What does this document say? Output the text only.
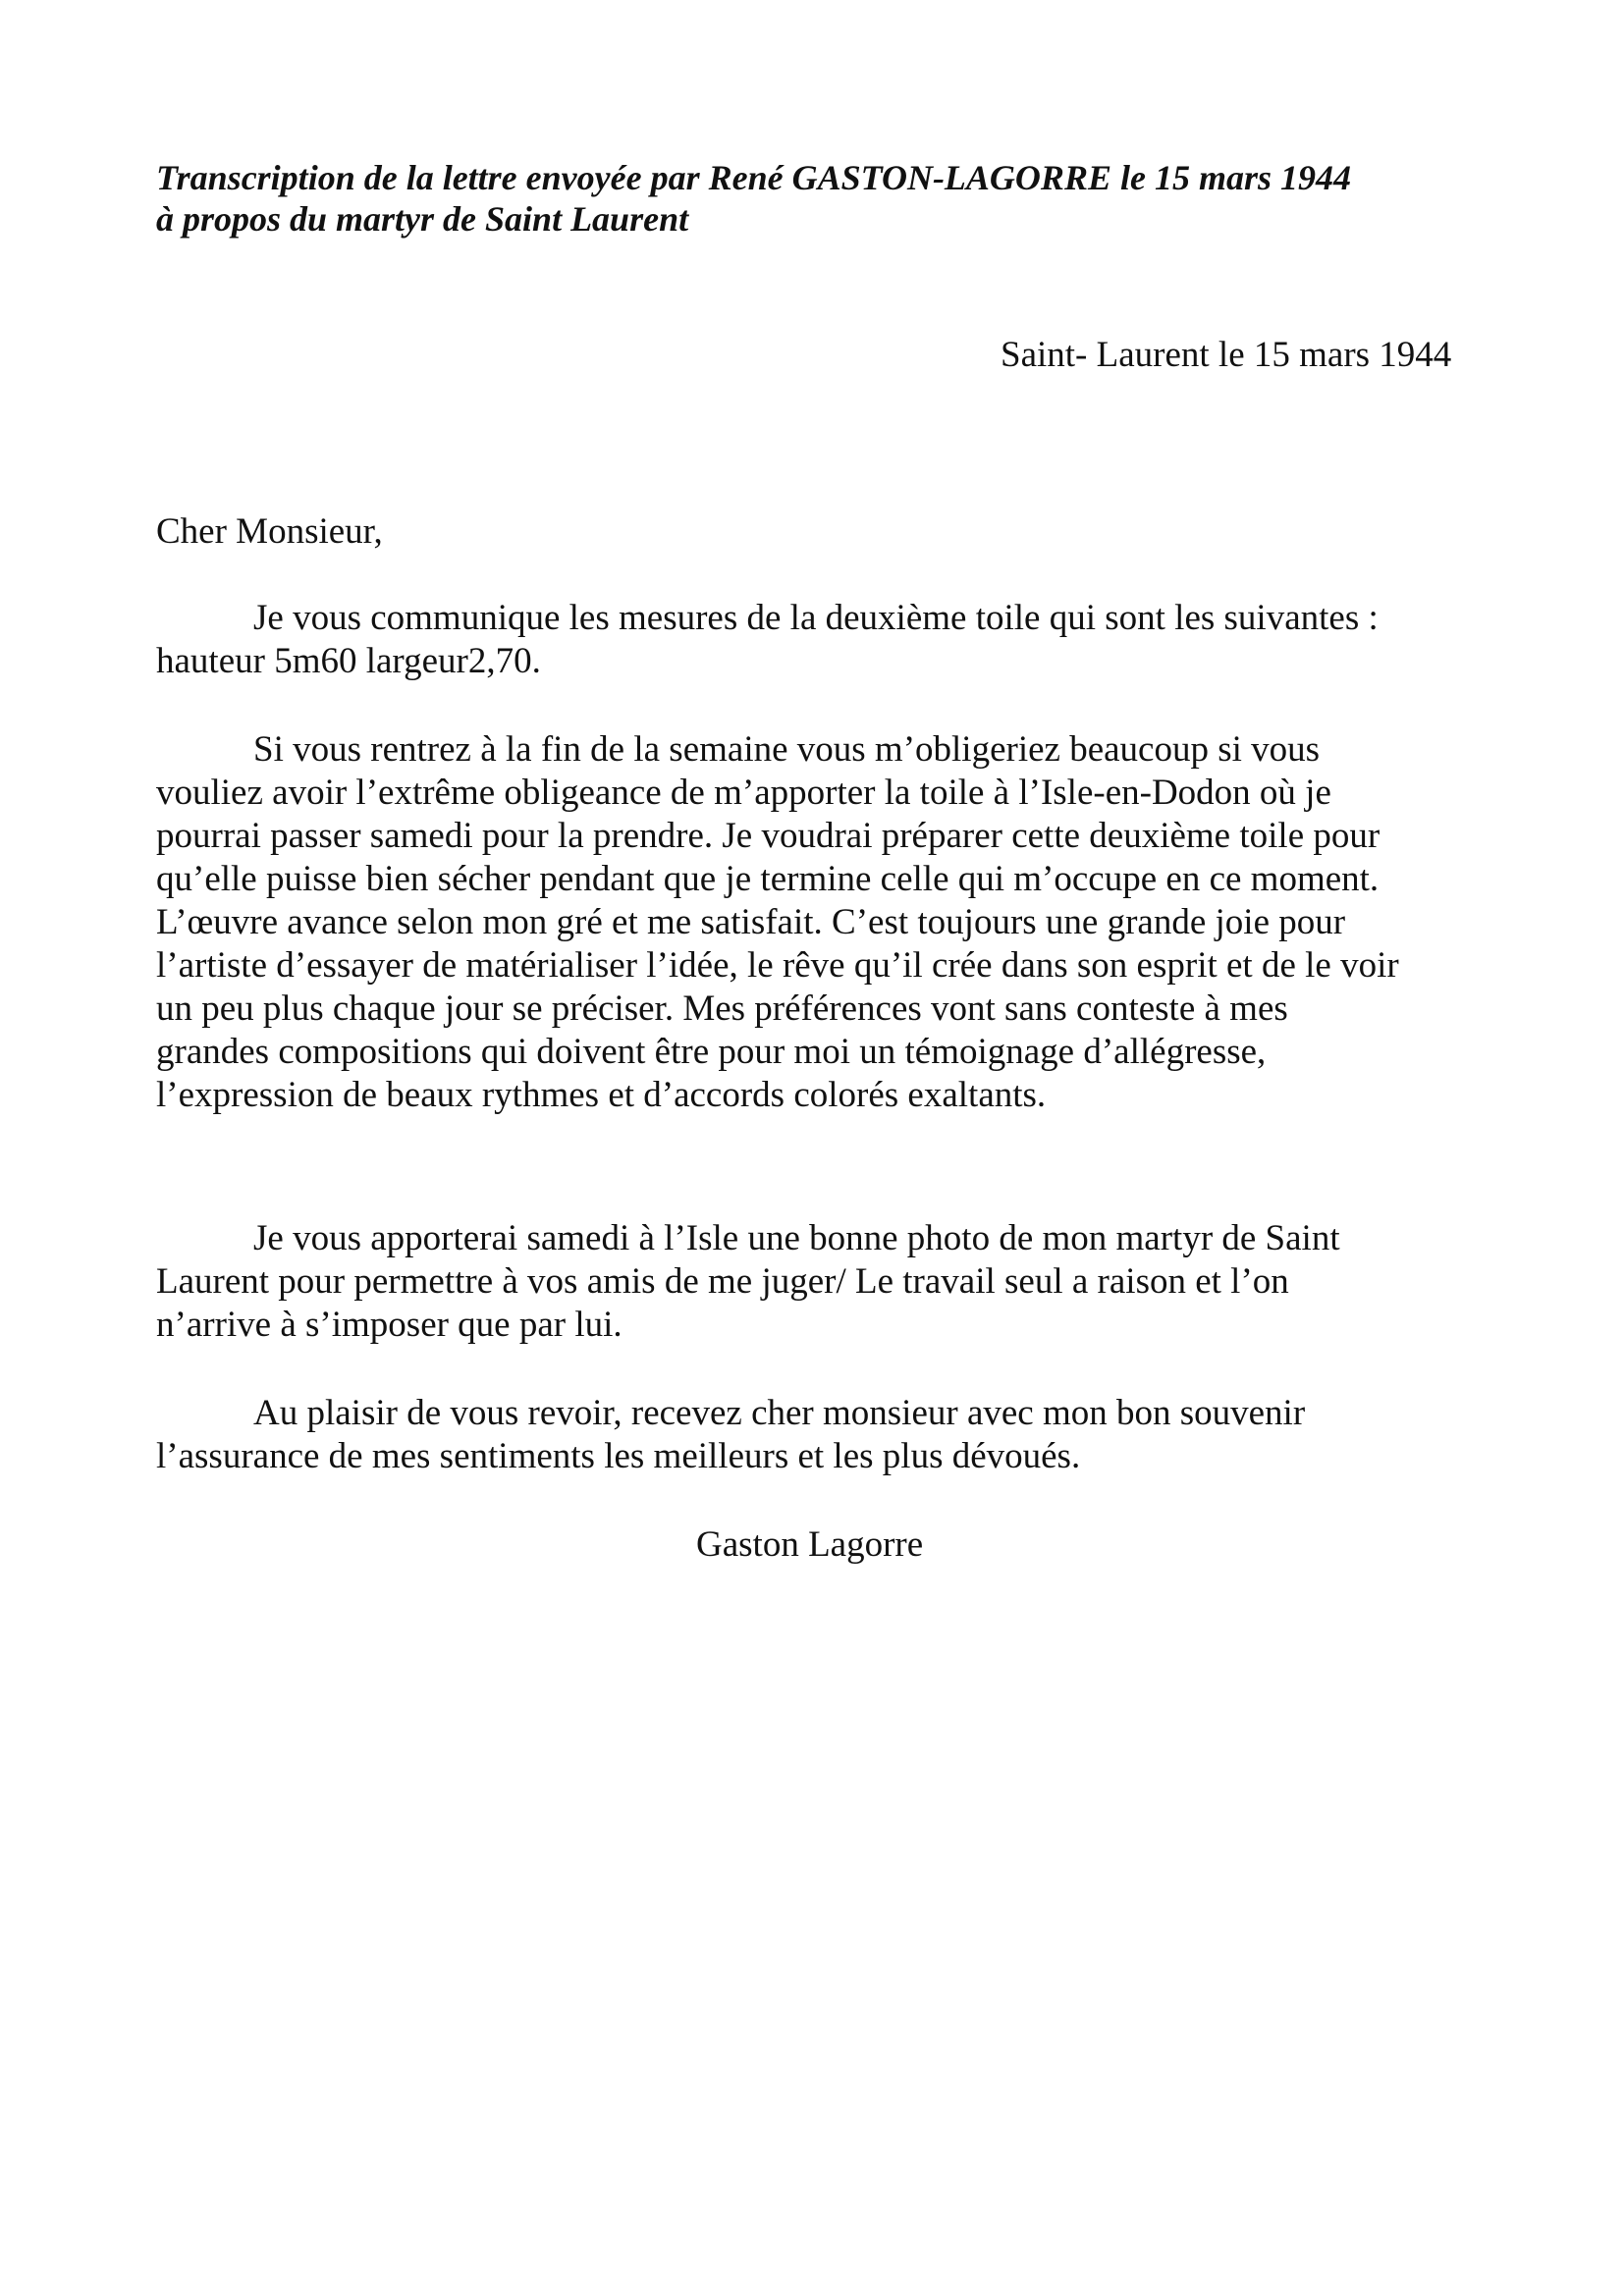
Transcription de la lettre envoyée par René GASTON-LAGORRE le 15 mars 1944

à propos du martyr de Saint Laurent

Saint- Laurent le 15 mars 1944

Cher Monsieur,

Je vous communique les mesures de la deuxième toile qui sont les suivantes :

hauteur 5m60 largeur2,70.

Si vous rentrez à la fin de la semaine vous m’obligeriez beaucoup si vous

vouliez avoir l’extrême obligeance de m’apporter la toile à l’Isle-en-Dodon où je

pourrai passer samedi pour la prendre. Je voudrai préparer cette deuxième toile pour

qu’elle puisse bien sécher pendant que je termine celle qui m’occupe en ce moment.

L’œuvre avance selon mon gré et me satisfait. C’est toujours une grande joie pour

l’artiste d’essayer de matérialiser l’idée, le rêve qu’il crée dans son esprit et de le voir

un peu plus chaque jour se préciser. Mes préférences vont sans conteste à mes

grandes compositions qui doivent être pour moi un témoignage d’allégresse,

l’expression de beaux rythmes et d’accords colorés exaltants.

Je vous apporterai samedi à l’Isle une bonne photo de mon martyr de Saint

Laurent pour permettre à vos amis de me juger/ Le travail seul a raison et l’on

n’arrive à s’imposer que par lui.

Au plaisir de vous revoir, recevez cher monsieur avec mon bon souvenir

l’assurance de mes sentiments les meilleurs et les plus dévoués.

Gaston Lagorre
